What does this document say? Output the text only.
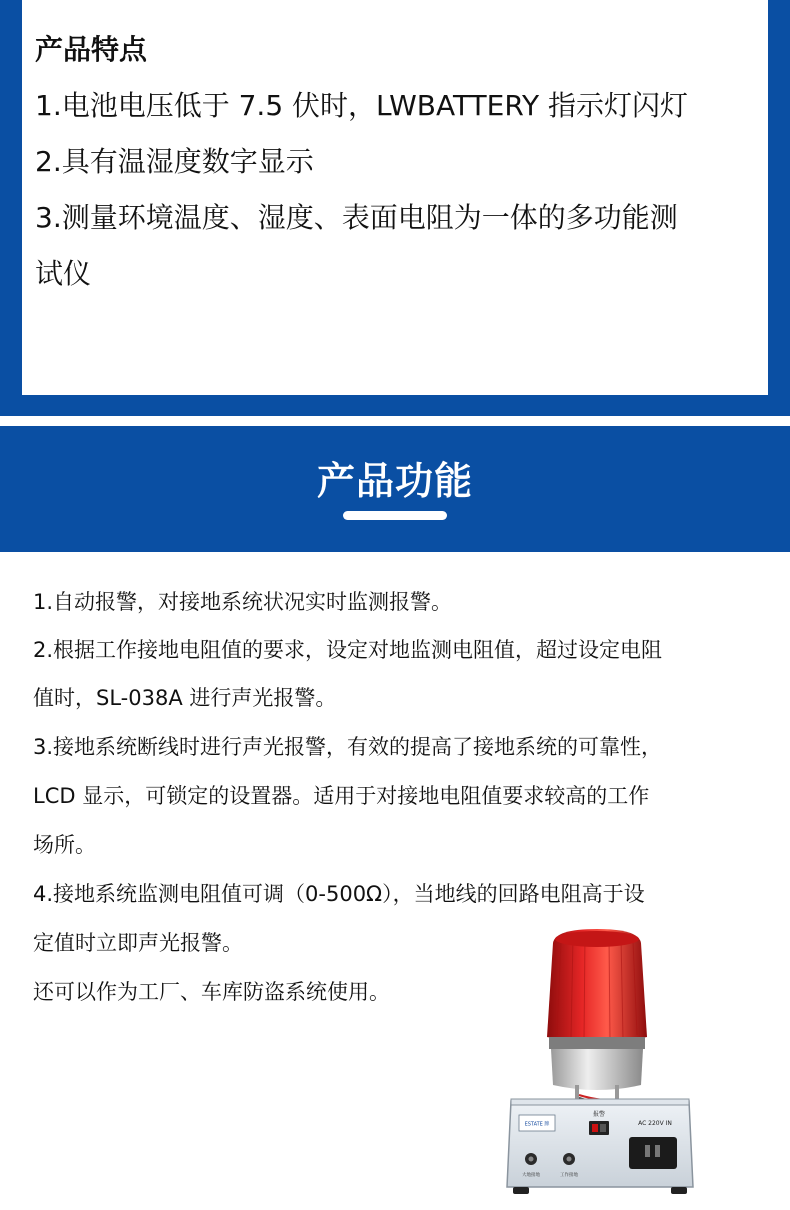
产品特点

1.电池电压低于 7.5 伏时，LWBATTERY 指示灯闪灯

2.具有温湿度数字显示

3.测量环境温度、湿度、表面电阻为一体的多功能测

试仪

产品功能

1.自动报警，对接地系统状况实时监测报警。

2.根据工作接地电阻值的要求，设定对地监测电阻值，超过设定电阻

值时，SL-038A 进行声光报警。

3.接地系统断线时进行声光报警，有效的提高了接地系统的可靠性，

LCD 显示，可锁定的设置器。适用于对接地电阻值要求较高的工作

场所。

4.接地系统监测电阻值可调（0-500Ω），当地线的回路电阻高于设

定值时立即声光报警。

还可以作为工厂、车库防盗系统使用。

ESTATE 牌
报警
AC 220V IN
大地接地	工作接地
